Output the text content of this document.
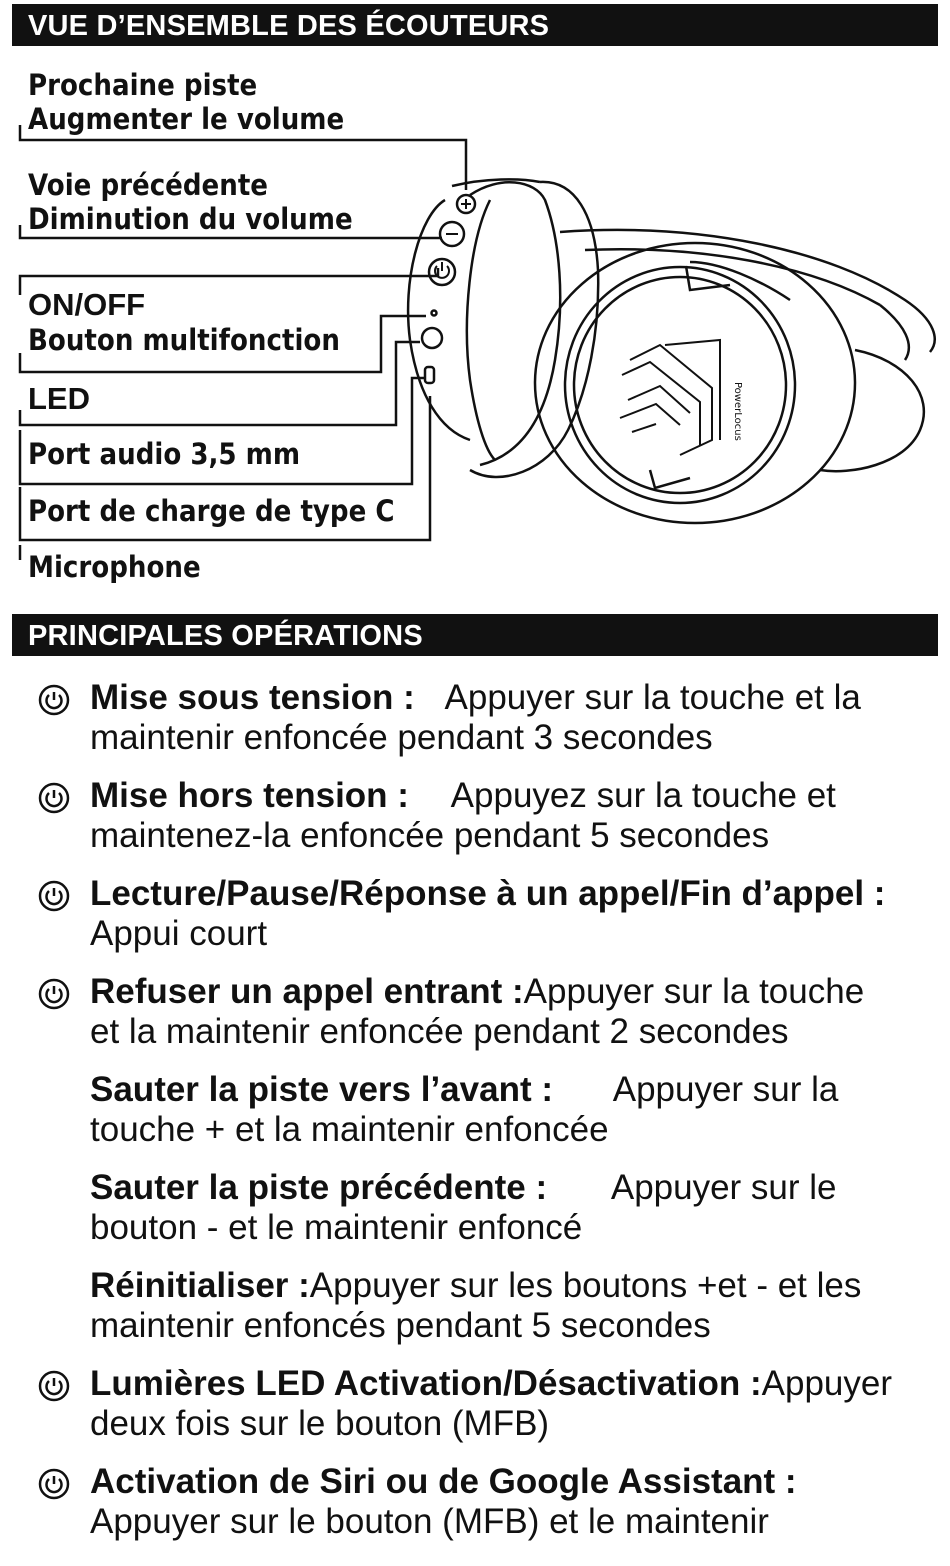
VUE D’ENSEMBLE DES ÉCOUTEURS
PowerLocus
Prochaine piste
Augmenter le volume
Voie précédente
Diminution du volume
ON/OFF
Bouton multifonction
LED
Port audio 3,5 mm
Port de charge de type C
Microphone
PRINCIPALES OPÉRATIONS
Mise sous tension : Appuyer sur la touche et la
maintenir enfoncée pendant 3 secondes
Mise hors tension : Appuyez sur la touche et
maintenez-la enfoncée pendant 5 secondes
Lecture/Pause/Réponse à un appel/Fin d’appel :
Appui court
Refuser un appel entrant :Appuyer sur la touche
et la maintenir enfoncée pendant 2 secondes
Sauter la piste vers l’avant : Appuyer sur la
touche + et la maintenir enfoncée
Sauter la piste précédente : Appuyer sur le
bouton - et le maintenir enfoncé
Réinitialiser :Appuyer sur les boutons +et - et les
maintenir enfoncés pendant 5 secondes
Lumières LED Activation/Désactivation :Appuyer
deux fois sur le bouton (MFB)
Activation de Siri ou de Google Assistant :
Appuyer sur le bouton (MFB) et le maintenir
